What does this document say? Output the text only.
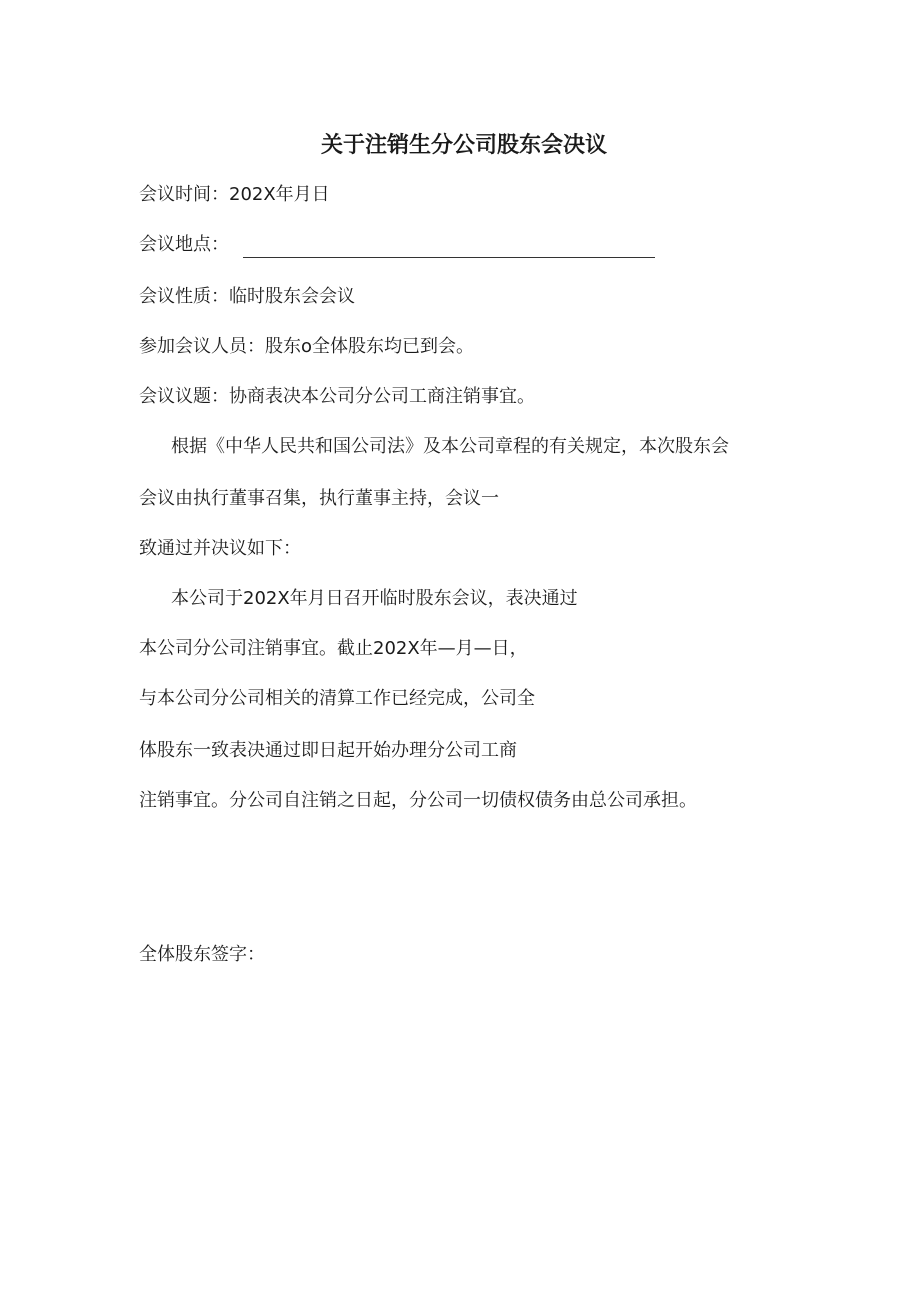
关于注销生分公司股东会决议
会议时间：202X年月日
会议地点：
会议性质：临时股东会会议
参加会议人员：股东o全体股东均已到会。
会议议题：协商表决本公司分公司工商注销事宜。
根据《中华人民共和国公司法》及本公司章程的有关规定，本次股东会
会议由执行董事召集，执行董事主持，会议一
致通过并决议如下：
本公司于202X年月日召开临时股东会议，表决通过
本公司分公司注销事宜。截止202X年—月—日，
与本公司分公司相关的清算工作已经完成，公司全
体股东一致表决通过即日起开始办理分公司工商
注销事宜。分公司自注销之日起，分公司一切债权债务由总公司承担。
全体股东签字：
